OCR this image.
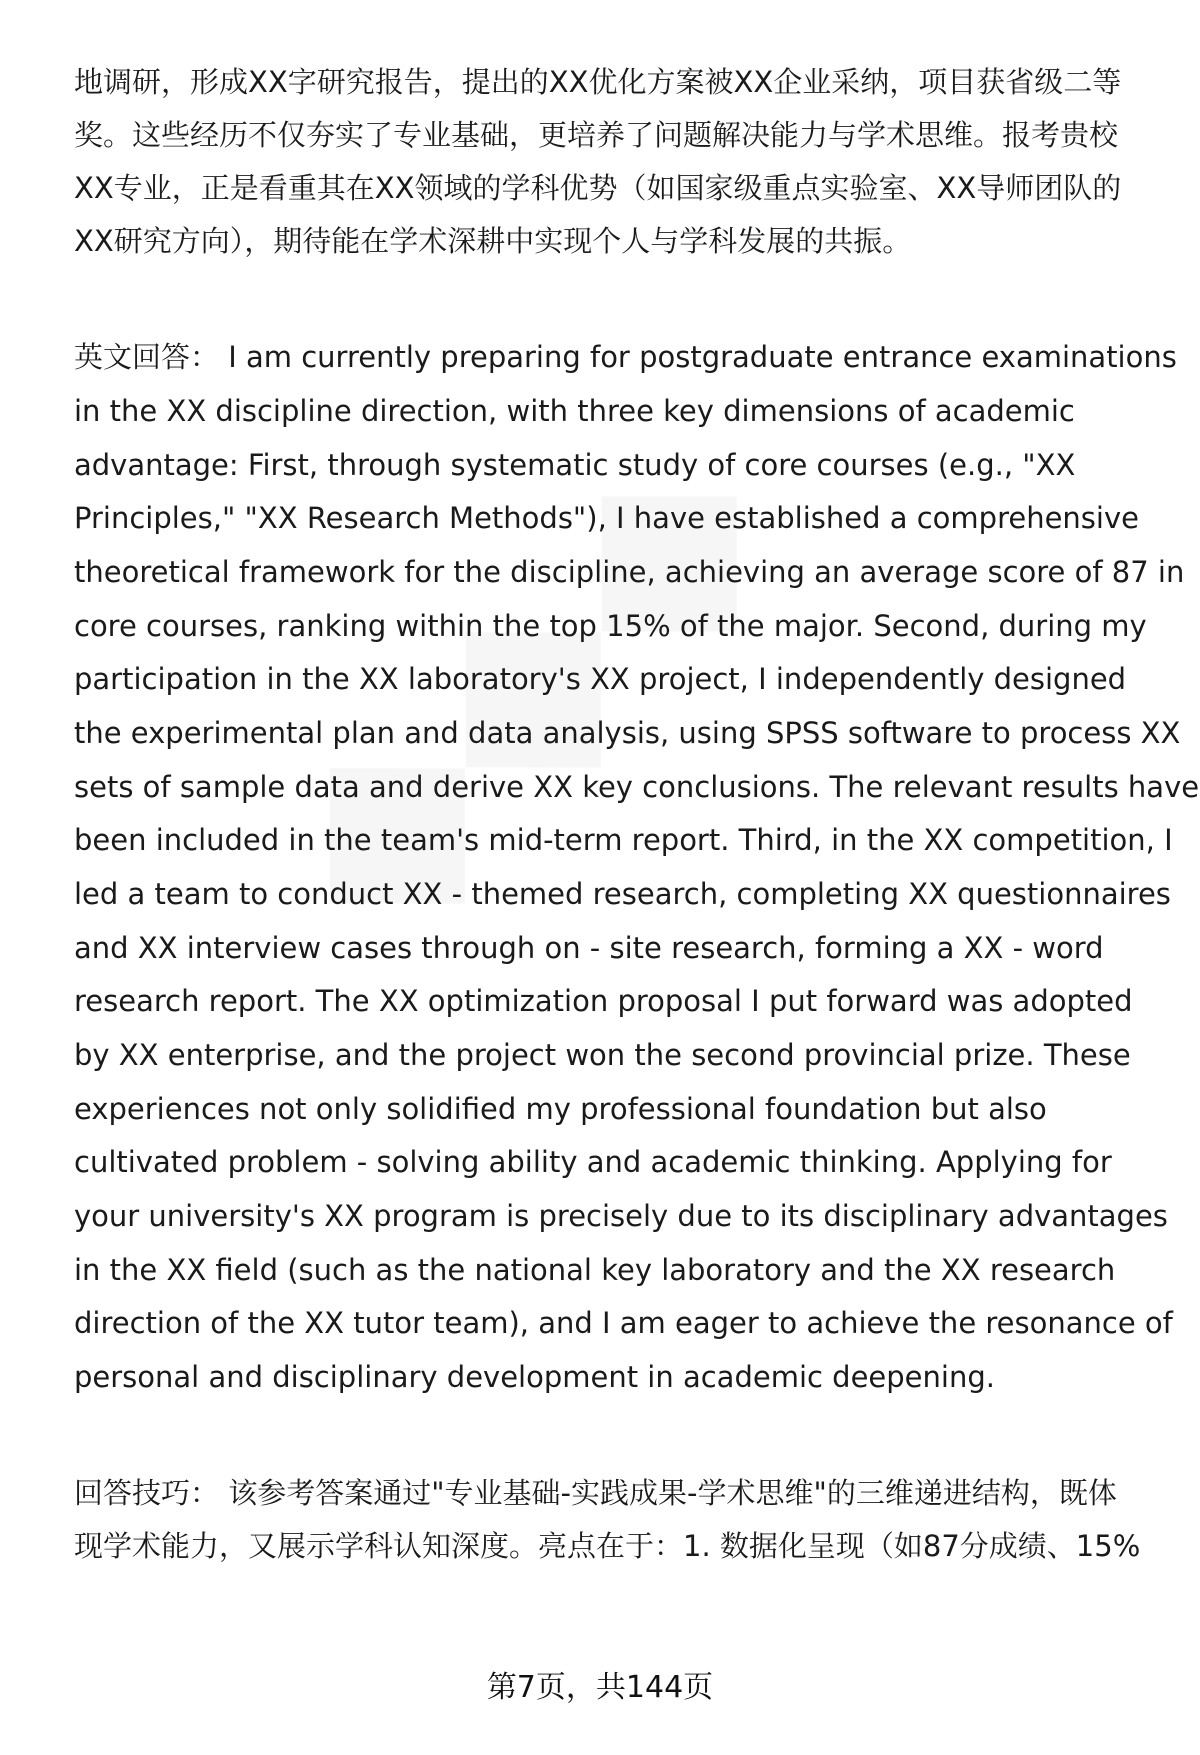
地调研，形成XX字研究报告，提出的XX优化方案被XX企业采纳，项目获省级二等
奖。这些经历不仅夯实了专业基础，更培养了问题解决能力与学术思维。报考贵校
XX专业，正是看重其在XX领域的学科优势（如国家级重点实验室、XX导师团队的
XX研究方向），期待能在学术深耕中实现个人与学科发展的共振。
英文回答： I am currently preparing for postgraduate entrance examinations
in the XX discipline direction, with three key dimensions of academic
advantage: First, through systematic study of core courses (e.g., "XX
Principles," "XX Research Methods"), I have established a comprehensive
theoretical framework for the discipline, achieving an average score of 87 in
core courses, ranking within the top 15% of the major. Second, during my
participation in the XX laboratory's XX project, I independently designed
the experimental plan and data analysis, using SPSS software to process XX
sets of sample data and derive XX key conclusions. The relevant results have
been included in the team's mid-term report. Third, in the XX competition, I
led a team to conduct XX - themed research, completing XX questionnaires
and XX interview cases through on - site research, forming a XX - word
research report. The XX optimization proposal I put forward was adopted
by XX enterprise, and the project won the second provincial prize. These
experiences not only solidified my professional foundation but also
cultivated problem - solving ability and academic thinking. Applying for
your university's XX program is precisely due to its disciplinary advantages
in the XX field (such as the national key laboratory and the XX research
direction of the XX tutor team), and I am eager to achieve the resonance of
personal and disciplinary development in academic deepening.
回答技巧： 该参考答案通过"专业基础-实践成果-学术思维"的三维递进结构，既体
现学术能力，又展示学科认知深度。亮点在于：1. 数据化呈现（如87分成绩、15%
第7页，共144页
